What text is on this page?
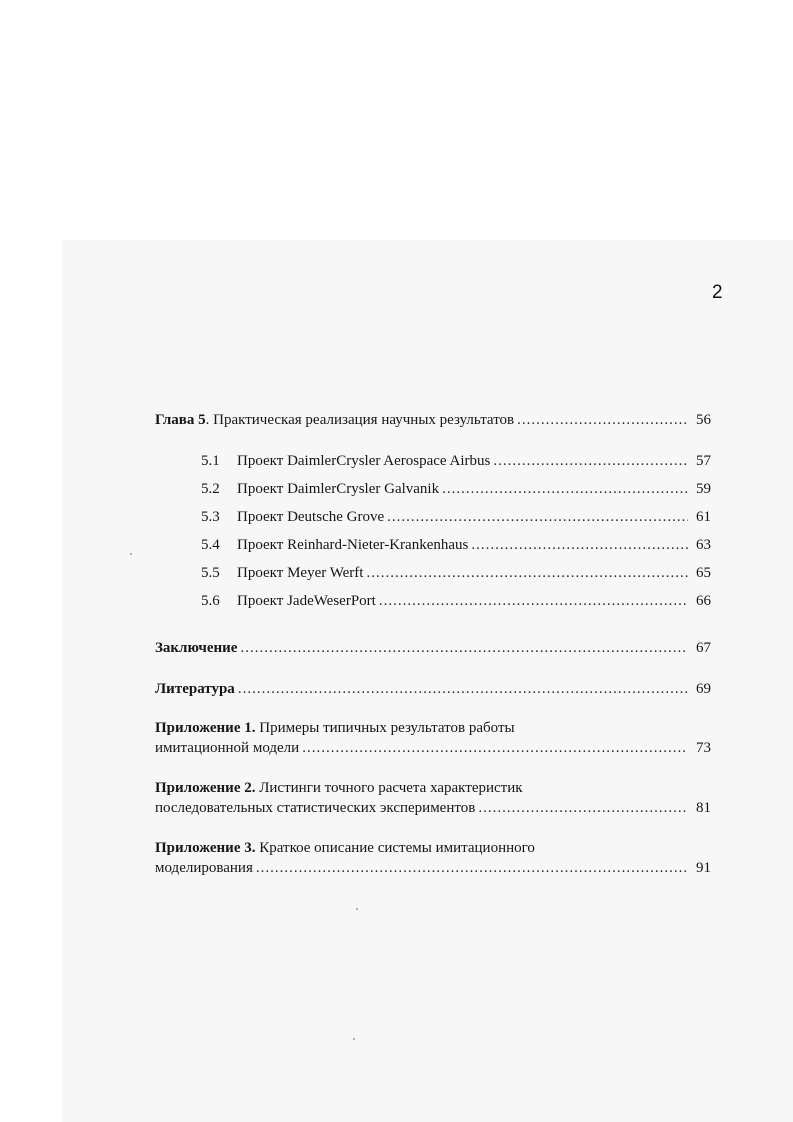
2
Глава 5. Практическая реализация научных результатов .....	56
5.1	Проект DaimlerCrysler Aerospace Airbus .....	57
5.2	Проект DaimlerCrysler Galvanik .....	59
5.3	Проект Deutsche Grove .....	61
5.4	Проект Reinhard-Nieter-Krankenhaus .....	63
5.5	Проект Meyer Werft .....	65
5.6	Проект JadeWeserPort .....	66
Заключение .....	67
Литература .....	69
Приложение 1. Примеры типичных результатов работы
имитационной модели .....	73
Приложение 2. Листинги точного расчета характеристик
последовательных статистических экспериментов .....	81
Приложение 3. Краткое описание системы имитационного
моделирования .....	91
